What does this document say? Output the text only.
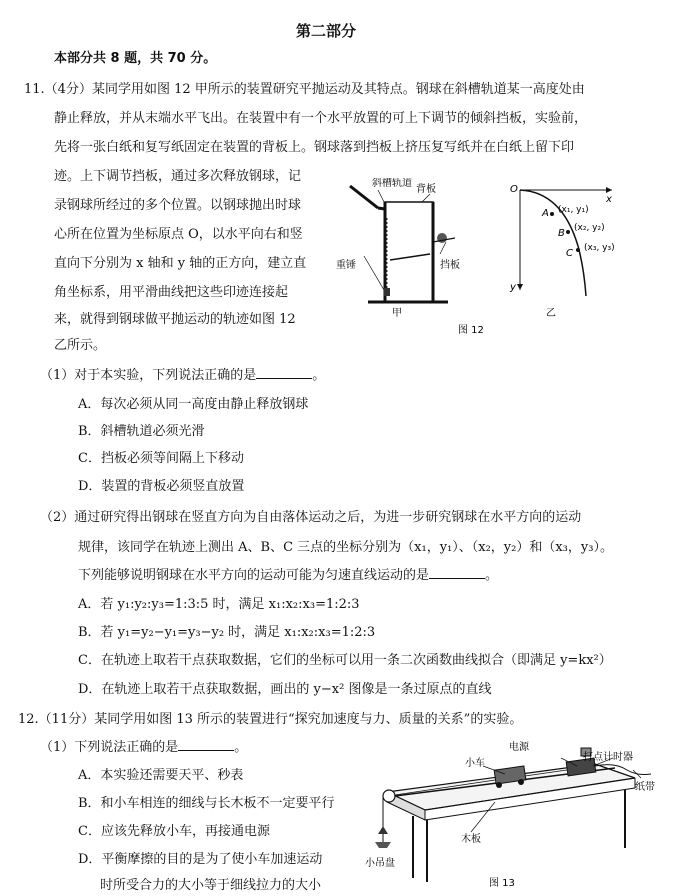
第二部分
本部分共 8 题，共 70 分。
11.（4分）某同学用如图 12 甲所示的装置研究平抛运动及其特点。钢球在斜槽轨道某一高度处由
静止释放，并从末端水平飞出。在装置中有一个水平放置的可上下调节的倾斜挡板，实验前，
先将一张白纸和复写纸固定在装置的背板上。钢球落到挡板上挤压复写纸并在白纸上留下印
迹。上下调节挡板，通过多次释放钢球，记
录钢球所经过的多个位置。以钢球抛出时球
心所在位置为坐标原点 O，以水平向右和竖
直向下分别为 x 轴和 y 轴的正方向，建立直
角坐标系，用平滑曲线把这些印迹连接起
来，就得到钢球做平抛运动的轨迹如图 12
乙所示。
斜槽轨道
背板
重锤	挡板
甲
O
x
y
A
B
C
(x₁, y₁)
(x₂, y₂)
(x₃, y₃)
乙
图 12
（1）对于本实验，下列说法正确的是	。
A．每次必须从同一高度由静止释放钢球
B．斜槽轨道必须光滑
C．挡板必须等间隔上下移动
D．装置的背板必须竖直放置
（2）通过研究得出钢球在竖直方向为自由落体运动之后，为进一步研究钢球在水平方向的运动
规律，该同学在轨迹上测出 A、B、C 三点的坐标分别为（x₁，y₁）、（x₂，y₂）和（x₃，y₃）。
下列能够说明钢球在水平方向的运动可能为匀速直线运动的是	。
A．若 y₁:y₂:y₃=1:3:5 时，满足 x₁:x₂:x₃=1:2:3
B．若 y₁=y₂−y₁=y₃−y₂ 时，满足 x₁:x₂:x₃=1:2:3
C．在轨迹上取若干点获取数据，它们的坐标可以用一条二次函数曲线拟合（即满足 y=kx²）
D．在轨迹上取若干点获取数据，画出的 y−x² 图像是一条过原点的直线
12.（11分）某同学用如图 13 所示的装置进行“探究加速度与力、质量的关系”的实验。
（1）下列说法正确的是	。
A．本实验还需要天平、秒表
B．和小车相连的细线与长木板不一定要平行
C．应该先释放小车，再接通电源
D．平衡摩擦的目的是为了使小车加速运动
时所受合力的大小等于细线拉力的大小
电源
打点计时器
小车
纸带
木板
小吊盘
图 13
